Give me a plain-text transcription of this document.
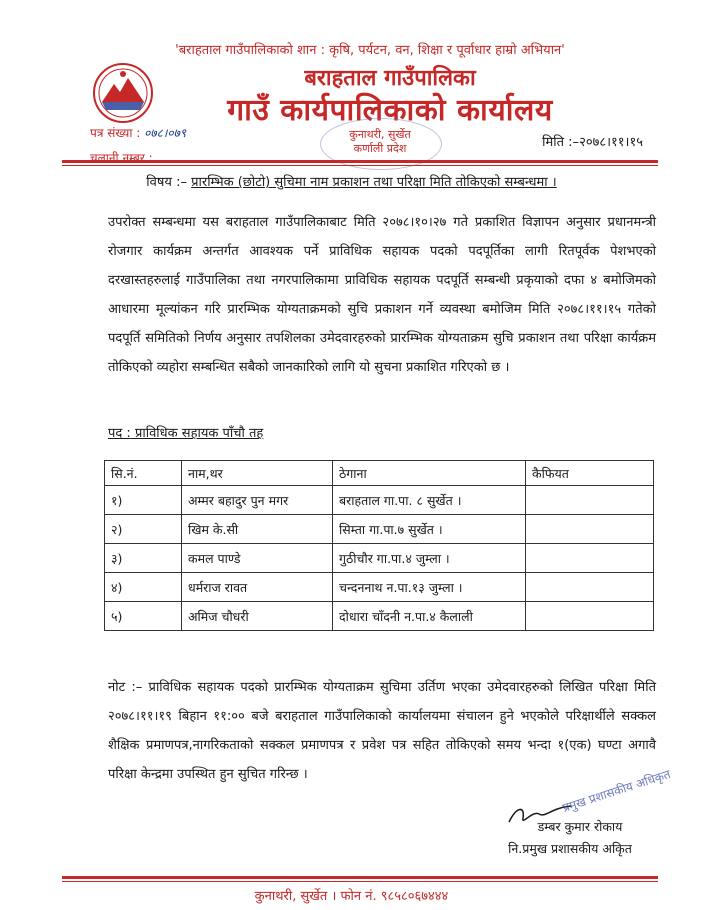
'बराहताल गाउँपालिकाको शान : कृषि, पर्यटन, वन, शिक्षा र पूर्वाधार हाम्रो अभियान'
बराहताल गाउँपालिका
गाउँ कार्यपालिकाको कार्यालय
पत्र संख्या : ०७८।०७९
चलानी नम्बर :
कुनाथरी, सुर्खेत
कर्णाली प्रदेश	मिति :–२०७८।११।१५
विषय :– प्रारम्भिक (छोटो) सुचिमा नाम प्रकाशन तथा परिक्षा मिति तोकिएको सम्बन्धमा ।
उपरोक्त सम्बन्धमा यस बराहताल गाउँपालिकाबाट मिति २०७८।१०।२७ गते प्रकाशित विज्ञापन अनुसार प्रधानमन्त्री रोजगार कार्यक्रम अन्तर्गत आवश्यक पर्ने प्राविधिक सहायक पदको पदपूर्तिका लागी रितपूर्वक पेशभएको दरखास्तहरुलाई गाउँपालिका तथा नगरपालिकामा प्राविधिक सहायक पदपूर्ति सम्बन्धी प्रकृयाको दफा ४ बमोजिमको आधारमा मूल्यांकन गरि प्रारम्भिक योग्यताक्रमको सुचि प्रकाशन गर्ने व्यवस्था बमोजिम मिति २०७८।११।१५ गतेको पदपूर्ति समितिको निर्णय अनुसार तपशिलका उमेदवारहरुको प्रारम्भिक योग्यताक्रम सुचि प्रकाशन तथा परिक्षा कार्यक्रम तोकिएको व्यहोरा सम्बन्धित सबैको जानकारिको लागि यो सुचना प्रकाशित गरिएको छ ।
पद : प्राविधिक सहायक पाँचौ तह
सि.नं.	नाम,थर	ठेगाना	कैफियत
१)	अम्मर बहादुर पुन मगर	बराहताल गा.पा. ८ सुर्खेत ।	
२)	खिम के.सी	सिम्ता गा.पा.७ सुर्खेत ।	
३)	कमल पाण्डे	गुठीचौर गा.पा.४ जुम्ला ।	
४)	धर्मराज रावत	चन्दननाथ न.पा.१३ जुम्ला ।	
५)	अमिज चौधरी	दोधारा चाँदनी न.पा.४ कैलाली	
नोट :– प्राविधिक सहायक पदको प्रारम्भिक योग्यताक्रम सुचिमा उर्तिण भएका उमेदवारहरुको लिखित परिक्षा मिति २०७८।११।१९ बिहान ११:०० बजे बराहताल गाउँपालिकाको कार्यालयमा संचालन हुने भएकोले परिक्षार्थीले सक्कल शैक्षिक प्रमाणपत्र,नागरिकताको सक्कल प्रमाणपत्र र प्रवेश पत्र सहित तोकिएको समय भन्दा १(एक) घण्टा अगावै परिक्षा केन्द्रमा उपस्थित हुन सुचित गरिन्छ ।	प्रमुख प्रशासकीय अधिकृत
डम्बर कुमार रोकाय
नि.प्रमुख प्रशासकीय अकृित
कुनाथरी, सुर्खेत । फोन नं. ९८५८०६७४४४
